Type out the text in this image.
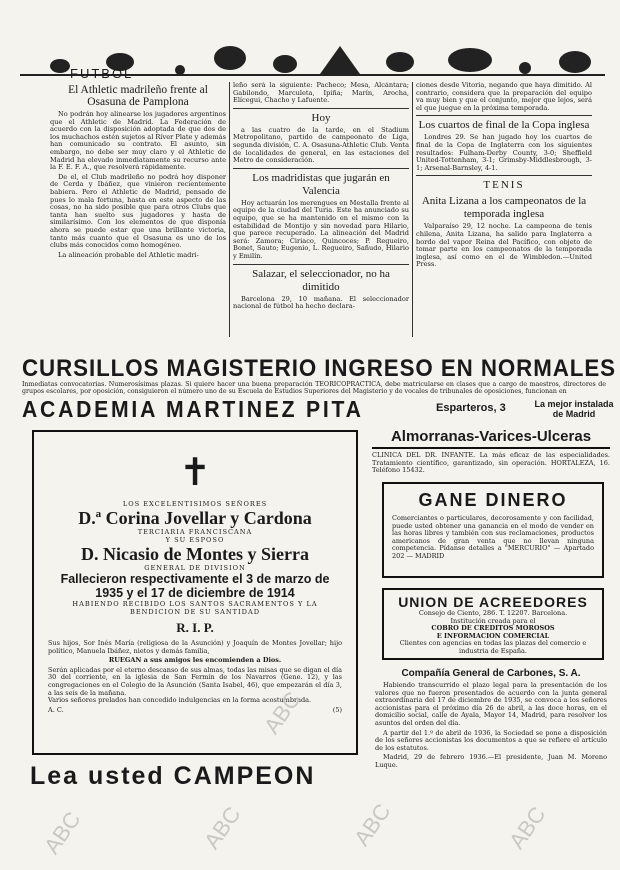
FUTBOL
El Athletic madrileño frente al Osasuna de Pamplona

No podrán hoy alinearse los jugadores argentinos que el Athletic de Madrid. La Federación de acuerdo con la disposición adoptada de que dos de los muchachos estén sujetos al Ríver Plate y además han comunicado su contrato. El asunto, sin embargo, no debe ser muy claro y el Athletic de Madrid ha elevado inmediatamente su recurso ante la F. E. F. A., que resolverá rápidamente.

De el, el Club madrileño no podrá hoy disponer de Cerda y Ibáñez, que vinieron recientemente babiera. Pero el Athletic de Madrid, pensado de pues lo mala fortuna, hasta en este aspecto de las cosas, no ha sido posible que para otros Clubs que tanta han suelto sus jugadores y hasta de similarísimo. Con los elementos de que disponía ahora se puede estar que una brillante victoria, tanto más cuanto que el Osasuna es uno de los clubs más conocidos como homogéneo.

La alineación probable del Athletic madri-

leño será la siguiente: Pacheco; Mesa, Alcántara; Gabilondo, Marculeta, Ipiña; Marín, Arocha, Elícegui, Chacho y Lafuente.

Hoy

a las cuatro de la tarde, en el Stadium Metropolitano, partido de campeonato de Liga, segunda división, C. A. Osasuna-Athletic Club. Venta de localidades de general, en las estaciones del Metro de consideración.

Los madridistas que jugarán en Valencia

Hoy actuarán los merengues en Mestalla frente al equipo de la ciudad del Turia. Este ha anunciado su equipo, que se ha mantenido en el mismo con la estabilidad de Montijo y sin novedad para Hilario, que parece recuperado. La alineación del Madrid será: Zamora; Ciriaco, Quincoces; P. Regueiro, Bonet, Sauto; Eugenio, L. Regueiro, Sañudo, Hilario y Emilín.

Salazar, el seleccionador, no ha dimitido

Barcelona 29, 10 mañana. El seleccionador nacional de fútbol ha hecho declara-

ciones desde Vitoria, negando que haya dimitido. Al contrario, considera que la preparación del equipo va muy bien y que el conjunto, mejor que lejos, será el que juegue en la próxima temporada.

Los cuartos de final de la Copa inglesa

Londres 29. Se han jugado hoy los cuartos de final de la Copa de Inglaterra con los siguientes resultados: Fulham-Derby County, 3-0; Sheffield United-Tottenham, 3-1; Grimsby-Middlesbrough, 3-1; Arsenal-Barnsley, 4-1.

TENIS
Anita Lizana a los campeonatos de la temporada inglesa

Valparaíso 29, 12 noche. La campeona de tenis chilena, Anita Lizana, ha salido para Inglaterra a bordo del vapor Reina del Pacífico, con objeto de tomar parte en los campeonatos de la temporada inglesa, así como en el de Wimbledon.—United Press.

CURSILLOS MAGISTERIO INGRESO EN NORMALES
Inmediatas convocatorias. Numerosísimas plazas. Si quiere hacer una buena preparación TEORICOPRACTICA, debe matricularse en clases que a cargo de maestros, directores de grupos escolares, por oposición, consiguieron el número uno de su Escuela de Estudios Superiores del Magisterio y de vocales de tribunales de oposiciones, funcionan en
ACADEMIA MARTINEZ PITA	Esparteros, 3	La mejor instalada
de Madrid
✝
LOS EXCELENTISIMOS SEÑORES
D.ª Corina Jovellar y Cardona
TERCIARIA FRANCISCANA
Y SU ESPOSO
D. Nicasio de Montes y Sierra
GENERAL DE DIVISION
Fallecieron respectivamente el 3 de marzo de 1935 y el 17 de diciembre de 1914
HABIENDO RECIBIDO LOS SANTOS SACRAMENTOS Y LA BENDICION DE SU SANTIDAD
R. I. P.
Sus hijos, Sor Inés María (religiosa de la Asunción) y Joaquín de Montes Jovellar; hijo político, Manuela Ibáñez, nietos y demás familia,
RUEGAN a sus amigos les encomienden a Dios.
Serán aplicadas por el eterno descanso de sus almas, todas las misas que se digan el día 30 del corriente, en la iglesia de San Fermín de los Navarros (Gene. 12), y las congregaciones en el Colegio de la Asunción (Santa Isabel, 46), que empezarán el día 3, a las seis de la mañana.
Varios señores prelados han concedido indulgencias en la forma acostumbrada.
A. C.	(5)
Lea usted CAMPEON
Almorranas-Varices-Ulceras
CLINICA DEL DR. INFANTE. La más eficaz de las especialidades. Tratamiento científico, garantizado, sin operación. HORTALEZA, 16. Teléfono 15432.
GANE DINERO
Comerciantes o particulares, decorosamente y con facilidad, puede usted obtener una ganancia en el modo de vender en las horas libres y también con sus reclamaciones, productos americanos de gran venta que no llevan ninguna competencia. Pídanse detalles a "MERCURIO" — Apartado 202 — MADRID
UNION DE ACREEDORES
Consejo de Ciento, 286. T. 12207. Barcelona.
Institución creada para el
COBRO DE CREDITOS MOROSOS
E INFORMACION COMERCIAL
Clientes con agencias en todas las plazas del comercio e industria de España.
Compañía General de Carbones, S. A.
Habiendo transcurrido el plazo legal para la presentación de los valores que no fueron presentados de acuerdo con la junta general extraordinaria del 17 de diciembre de 1935, se convoca a los señores accionistas para el próximo día 26 de abril, a las doce horas, en el domicilio social, calle de Ayala, Mayor 14, Madrid, para resolver los asuntos del orden del día.
A partir del 1.º de abril de 1936, la Sociedad se pone a disposición de los señores accionistas los documentos a que se refiere el artículo de los estatutos.
Madrid, 29 de febrero 1936.—El presidente, Juan M. Moreno Luque.
ABC	ABC	ABC	ABC
ABC
